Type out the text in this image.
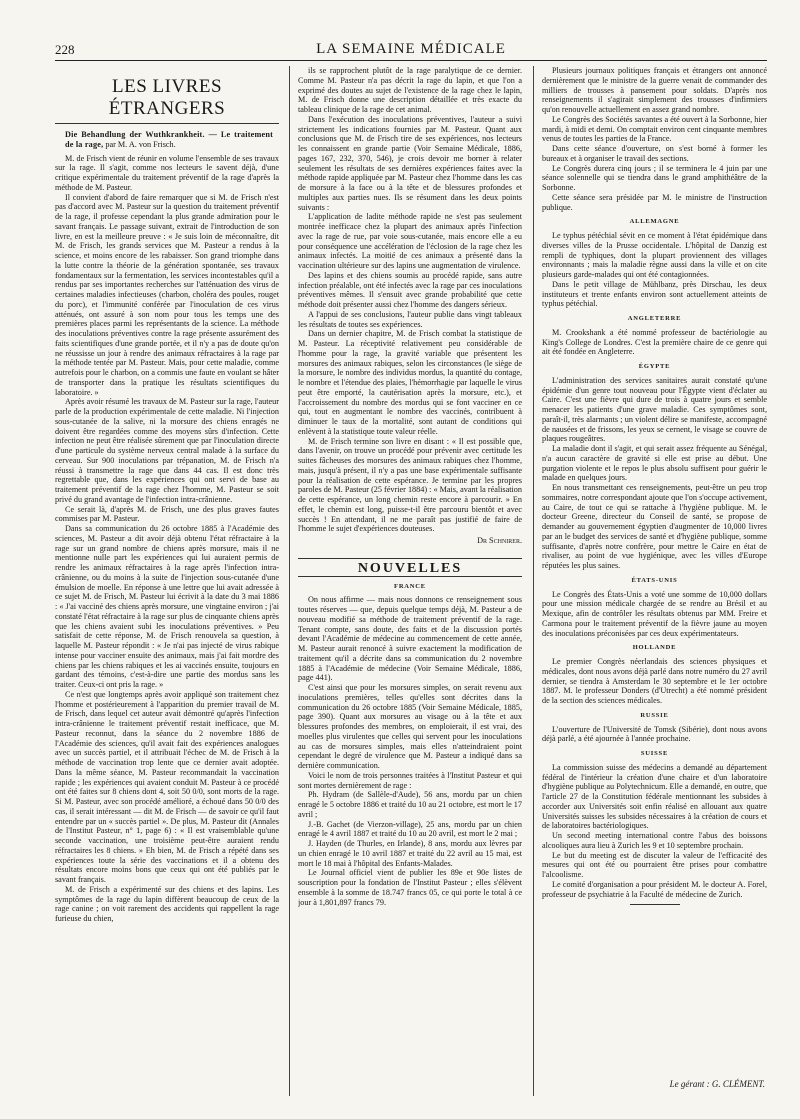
228	LA SEMAINE MÉDICALE
LES LIVRES ÉTRANGERS

Die Behandlung der Wuthkrankheit. — Le traitement de la rage, par M. A. von Frisch.

M. de Frisch vient de réunir en volume l'ensemble de ses travaux sur la rage. Il s'agit, comme nos lecteurs le savent déjà, d'une critique expérimentale du traitement préventif de la rage d'après la méthode de M. Pasteur.

Il convient d'abord de faire remarquer que si M. de Frisch n'est pas d'accord avec M. Pasteur sur la question du traitement préventif de la rage, il professe cependant la plus grande admiration pour le savant français. Le passage suivant, extrait de l'introduction de son livre, en est la meilleure preuve : « Je suis loin de méconnaître, dit M. de Frisch, les grands services que M. Pasteur a rendus à la science, et moins encore de les rabaisser. Son grand triomphe dans la lutte contre la théorie de la génération spontanée, ses travaux fondamentaux sur la fermentation, les services incontestables qu'il a rendus par ses importantes recherches sur l'atténuation des virus de certaines maladies infectieuses (charbon, choléra des poules, rouget du porc), et l'immunité conférée par l'inoculation de ces virus atténués, ont assuré à son nom pour tous les temps une des premières places parmi les représentants de la science. La méthode des inoculations préventives contre la rage présente assurément des faits scientifiques d'une grande portée, et il n'y a pas de doute qu'on ne réussisse un jour à rendre des animaux réfractaires à la rage par la méthode tentée par M. Pasteur. Mais, pour cette maladie, comme autrefois pour le charbon, on a commis une faute en voulant se hâter de transporter dans la pratique les résultats scientifiques du laboratoire. »

Après avoir résumé les travaux de M. Pasteur sur la rage, l'auteur parle de la production expérimentale de cette maladie. Ni l'injection sous-cutanée de la salive, ni la morsure des chiens enragés ne doivent être regardées comme des moyens sûrs d'infection. Cette infection ne peut être réalisée sûrement que par l'inoculation directe d'une particule du système nerveux central malade à la surface du cerveau. Sur 900 inoculations par trépanation, M. de Frisch n'a réussi à transmettre la rage que dans 44 cas. Il est donc très regrettable que, dans les expériences qui ont servi de base au traitement préventif de la rage chez l'homme, M. Pasteur se soit privé du grand avantage de l'infection intra-crânienne.

Ce serait là, d'après M. de Frisch, une des plus graves fautes commises par M. Pasteur.

Dans sa communication du 26 octobre 1885 à l'Académie des sciences, M. Pasteur a dit avoir déjà obtenu l'état réfractaire à la rage sur un grand nombre de chiens après morsure, mais il ne mentionne nulle part les expériences qui lui auraient permis de rendre les animaux réfractaires à la rage après l'infection intra-crânienne, ou du moins à la suite de l'injection sous-cutanée d'une émulsion de moelle. En réponse à une lettre que lui avait adressée à ce sujet M. de Frisch, M. Pasteur lui écrivit à la date du 3 mai 1886 : « J'ai vacciné des chiens après morsure, une vingtaine environ ; j'ai constaté l'état réfractaire à la rage sur plus de cinquante chiens après que les chiens avaient subi les inoculations préventives. » Peu satisfait de cette réponse, M. de Frisch renouvela sa question, à laquelle M. Pasteur répondit : « Je n'ai pas injecté de virus rabique intense pour vacciner ensuite des animaux, mais j'ai fait mordre des chiens par les chiens rabiques et les ai vaccinés ensuite, toujours en gardant des témoins, c'est-à-dire une partie des mordus sans les traiter. Ceux-ci ont pris la rage. »

Ce n'est que longtemps après avoir appliqué son traitement chez l'homme et postérieurement à l'apparition du premier travail de M. de Frisch, dans lequel cet auteur avait démontré qu'après l'infection intra-crânienne le traitement préventif restait inefficace, que M. Pasteur reconnut, dans la séance du 2 novembre 1886 de l'Académie des sciences, qu'il avait fait des expériences analogues avec un succès partiel, et il attribuait l'échec de M. de Frisch à la méthode de vaccination trop lente que ce dernier avait adoptée. Dans la même séance, M. Pasteur recommandait la vaccination rapide ; les expériences qui avaient conduit M. Pasteur à ce procédé ont été faites sur 8 chiens dont 4, soit 50 0/0, sont morts de la rage. Si M. Pasteur, avec son procédé amélioré, a échoué dans 50 0/0 des cas, il serait intéressant — dit M. de Frisch — de savoir ce qu'il faut entendre par un « succès partiel ». De plus, M. Pasteur dit (Annales de l'Institut Pasteur, n° 1, page 6) : « Il est vraisemblable qu'une seconde vaccination, une troisième peut-être auraient rendu réfractaires les 8 chiens. » Eh bien, M. de Frisch a répété dans ses expériences toute la série des vaccinations et il a obtenu des résultats encore moins bons que ceux qui ont été publiés par le savant français.

M. de Frisch a expérimenté sur des chiens et des lapins. Les symptômes de la rage du lapin diffèrent beaucoup de ceux de la rage canine ; on voit rarement des accidents qui rappellent la rage furieuse du chien,

ils se rapprochent plutôt de la rage paralytique de ce dernier. Comme M. Pasteur n'a pas décrit la rage du lapin, et que l'on a exprimé des doutes au sujet de l'existence de la rage chez le lapin, M. de Frisch donne une description détaillée et très exacte du tableau clinique de la rage de cet animal.

Dans l'exécution des inoculations préventives, l'auteur a suivi strictement les indications fournies par M. Pasteur. Quant aux conclusions que M. de Frisch tire de ses expériences, nos lecteurs les connaissent en grande partie (Voir Semaine Médicale, 1886, pages 167, 232, 370, 546), je crois devoir me borner à relater seulement les résultats de ses dernières expériences faites avec la méthode rapide appliquée par M. Pasteur chez l'homme dans les cas de morsure à la face ou à la tête et de blessures profondes et multiples aux parties nues. Ils se résument dans les deux points suivants :

L'application de ladite méthode rapide ne s'est pas seulement montrée inefficace chez la plupart des animaux après l'infection avec la rage de rue, par voie sous-cutanée, mais encore elle a eu pour conséquence une accélération de l'éclosion de la rage chez les animaux infectés. La moitié de ces animaux a présenté dans la vaccination ultérieure sur des lapins une augmentation de virulence.

Des lapins et des chiens soumis au procédé rapide, sans autre infection préalable, ont été infectés avec la rage par ces inoculations préventives mêmes. Il s'ensuit avec grande probabilité que cette méthode doit présenter aussi chez l'homme des dangers sérieux.

A l'appui de ses conclusions, l'auteur publie dans vingt tableaux les résultats de toutes ses expériences.

Dans un dernier chapitre, M. de Frisch combat la statistique de M. Pasteur. La réceptivité relativement peu considérable de l'homme pour la rage, la gravité variable que présentent les morsures des animaux rabiques, selon les circonstances (le siège de la morsure, le nombre des individus mordus, la quantité du contage, le nombre et l'étendue des plaies, l'hémorrhagie par laquelle le virus peut être emporté, la cautérisation après la morsure, etc.), et l'accroissement du nombre des mordus qui se font vacciner en ce qui, tout en augmentant le nombre des vaccinés, contribuent à diminuer le taux de la mortalité, sont autant de conditions qui enlèvent à la statistique toute valeur réelle.

M. de Frisch termine son livre en disant : « Il est possible que, dans l'avenir, on trouve un procédé pour prévenir avec certitude les suites fâcheuses des morsures des animaux rabiques chez l'homme, mais, jusqu'à présent, il n'y a pas une base expérimentale suffisante pour la réalisation de cette espérance. Je termine par les propres paroles de M. Pasteur (25 février 1884) : « Mais, avant la réalisation de cette espérance, un long chemin reste encore à parcourir. » En effet, le chemin est long, puisse-t-il être parcouru bientôt et avec succès ! En attendant, il ne me paraît pas justifié de faire de l'homme le sujet d'expériences douteuses.

Dr Schnirer.
NOUVELLES
FRANCE

On nous affirme — mais nous donnons ce renseignement sous toutes réserves — que, depuis quelque temps déjà, M. Pasteur a de nouveau modifié sa méthode de traitement préventif de la rage. Tenant compte, sans doute, des faits et de la discussion portés devant l'Académie de médecine au commencement de cette année, M. Pasteur aurait renoncé à suivre exactement la modification de traitement qu'il a décrite dans sa communication du 2 novembre 1885 à l'Académie de médecine (Voir Semaine Médicale, 1886, page 441).

C'est ainsi que pour les morsures simples, on serait revenu aux inoculations premières, telles qu'elles sont décrites dans la communication du 26 octobre 1885 (Voir Semaine Médicale, 1885, page 390). Quant aux morsures au visage ou à la tête et aux blessures profondes des membres, on emploierait, il est vrai, des moelles plus virulentes que celles qui servent pour les inoculations au cas de morsures simples, mais elles n'atteindraient point cependant le degré de virulence que M. Pasteur a indiqué dans sa dernière communication.

Voici le nom de trois personnes traitées à l'Institut Pasteur et qui sont mortes dernièrement de rage :

Ph. Hydram (de Sallèle-d'Aude), 56 ans, mordu par un chien enragé le 5 octobre 1886 et traité du 10 au 21 octobre, est mort le 17 avril ;

J.-B. Gachet (de Vierzon-village), 25 ans, mordu par un chien enragé le 4 avril 1887 et traité du 10 au 20 avril, est mort le 2 mai ;

J. Hayden (de Thurles, en Irlande), 8 ans, mordu aux lèvres par un chien enragé le 10 avril 1887 et traité du 22 avril au 15 mai, est mort le 18 mai à l'hôpital des Enfants-Malades.

Le Journal officiel vient de publier les 89e et 90e listes de souscription pour la fondation de l'Institut Pasteur ; elles s'élèvent ensemble à la somme de 18.747 francs 05, ce qui porte le total à ce jour à 1,801,897 francs 79.

Plusieurs journaux politiques français et étrangers ont annoncé dernièrement que le ministre de la guerre venait de commander des milliers de trousses à pansement pour soldats. D'après nos renseignements il s'agirait simplement des trousses d'infirmiers qu'on renouvelle actuellement en assez grand nombre.

Le Congrès des Sociétés savantes a été ouvert à la Sorbonne, hier mardi, à midi et demi. On comptait environ cent cinquante membres venus de toutes les parties de la France.

Dans cette séance d'ouverture, on s'est borné à former les bureaux et à organiser le travail des sections.

Le Congrès durera cinq jours ; il se terminera le 4 juin par une séance solennelle qui se tiendra dans le grand amphithéâtre de la Sorbonne.

Cette séance sera présidée par M. le ministre de l'instruction publique.

ALLEMAGNE

Le typhus pétéchial sévit en ce moment à l'état épidémique dans diverses villes de la Prusse occidentale. L'hôpital de Danzig est rempli de typhiques, dont la plupart proviennent des villages environnants ; mais la maladie règne aussi dans la ville et on cite plusieurs garde-malades qui ont été contagionnées.

Dans le petit village de Mühlbanz, près Dirschau, les deux instituteurs et trente enfants environ sont actuellement atteints de typhus pétéchial.

ANGLETERRE

M. Crookshank a été nommé professeur de bactériologie au King's College de Londres. C'est la première chaire de ce genre qui ait été fondée en Angleterre.

ÉGYPTE

L'administration des services sanitaires aurait constaté qu'une épidémie d'un genre tout nouveau pour l'Égypte vient d'éclater au Caire. C'est une fièvre qui dure de trois à quatre jours et semble menacer les patients d'une grave maladie. Ces symptômes sont, paraît-il, très alarmants ; un violent délire se manifeste, accompagné de nausées et de frissons, les yeux se cernent, le visage se couvre de plaques rougeâtres.

La maladie dont il s'agit, et qui serait assez fréquente au Sénégal, n'a aucun caractère de gravité si elle est prise au début. Une purgation violente et le repos le plus absolu suffisent pour guérir le malade en quelques jours.

En nous transmettant ces renseignements, peut-être un peu trop sommaires, notre correspondant ajoute que l'on s'occupe activement, au Caire, de tout ce qui se rattache à l'hygiène publique. M. le docteur Greene, directeur du Conseil de santé, se propose de demander au gouvernement égyptien d'augmenter de 10,000 livres par an le budget des services de santé et d'hygiène publique, somme suffisante, d'après notre confrère, pour mettre le Caire en état de rivaliser, au point de vue hygiénique, avec les villes d'Europe réputées les plus saines.

ÉTATS-UNIS

Le Congrès des États-Unis a voté une somme de 10,000 dollars pour une mission médicale chargée de se rendre au Brésil et au Mexique, afin de contrôler les résultats obtenus par MM. Freire et Carmona pour le traitement préventif de la fièvre jaune au moyen des inoculations préconisées par ces deux expérimentateurs.

HOLLANDE

Le premier Congrès néerlandais des sciences physiques et médicales, dont nous avons déjà parlé dans notre numéro du 27 avril dernier, se tiendra à Amsterdam le 30 septembre et le 1er octobre 1887. M. le professeur Donders (d'Utrecht) a été nommé président de la section des sciences médicales.

RUSSIE

L'ouverture de l'Université de Tomsk (Sibérie), dont nous avons déjà parlé, a été ajournée à l'année prochaine.

SUISSE

La commission suisse des médecins a demandé au département fédéral de l'intérieur la création d'une chaire et d'un laboratoire d'hygiène publique au Polytechnicum. Elle a demandé, en outre, que l'article 27 de la Constitution fédérale mentionnant les subsides à accorder aux Universités soit enfin réalisé en allouant aux quatre Universités suisses les subsides nécessaires à la création de cours et de laboratoires bactériologiques.

Un second meeting international contre l'abus des boissons alcooliques aura lieu à Zurich les 9 et 10 septembre prochain.

Le but du meeting est de discuter la valeur de l'efficacité des mesures qui ont été ou pourraient être prises pour combattre l'alcoolisme.

Le comité d'organisation a pour président M. le docteur A. Forel, professeur de psychiatrie à la Faculté de médecine de Zurich.

Le gérant : G. CLÉMENT.
